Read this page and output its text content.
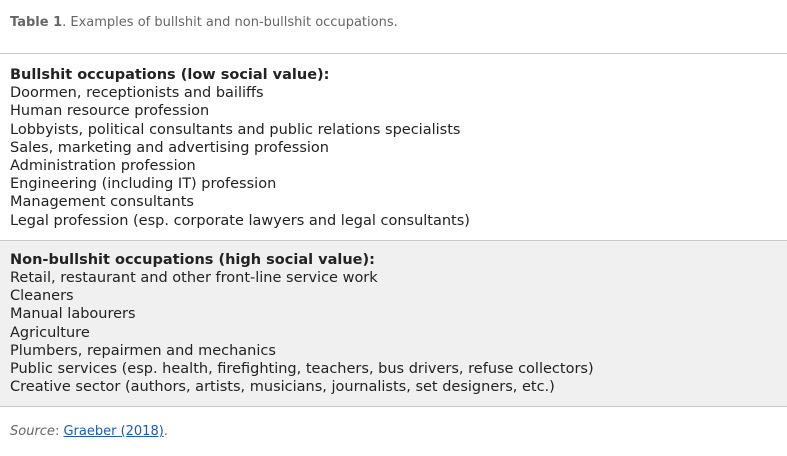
Table 1. Examples of bullshit and non-bullshit occupations.
Bullshit occupations (low social value):
Doormen, receptionists and bailiffs
Human resource profession
Lobbyists, political consultants and public relations specialists
Sales, marketing and advertising profession
Administration profession
Engineering (including IT) profession
Management consultants
Legal profession (esp. corporate lawyers and legal consultants)
Non-bullshit occupations (high social value):
Retail, restaurant and other front-line service work
Cleaners
Manual labourers
Agriculture
Plumbers, repairmen and mechanics
Public services (esp. health, firefighting, teachers, bus drivers, refuse collectors)
Creative sector (authors, artists, musicians, journalists, set designers, etc.)
Source: Graeber (2018).
